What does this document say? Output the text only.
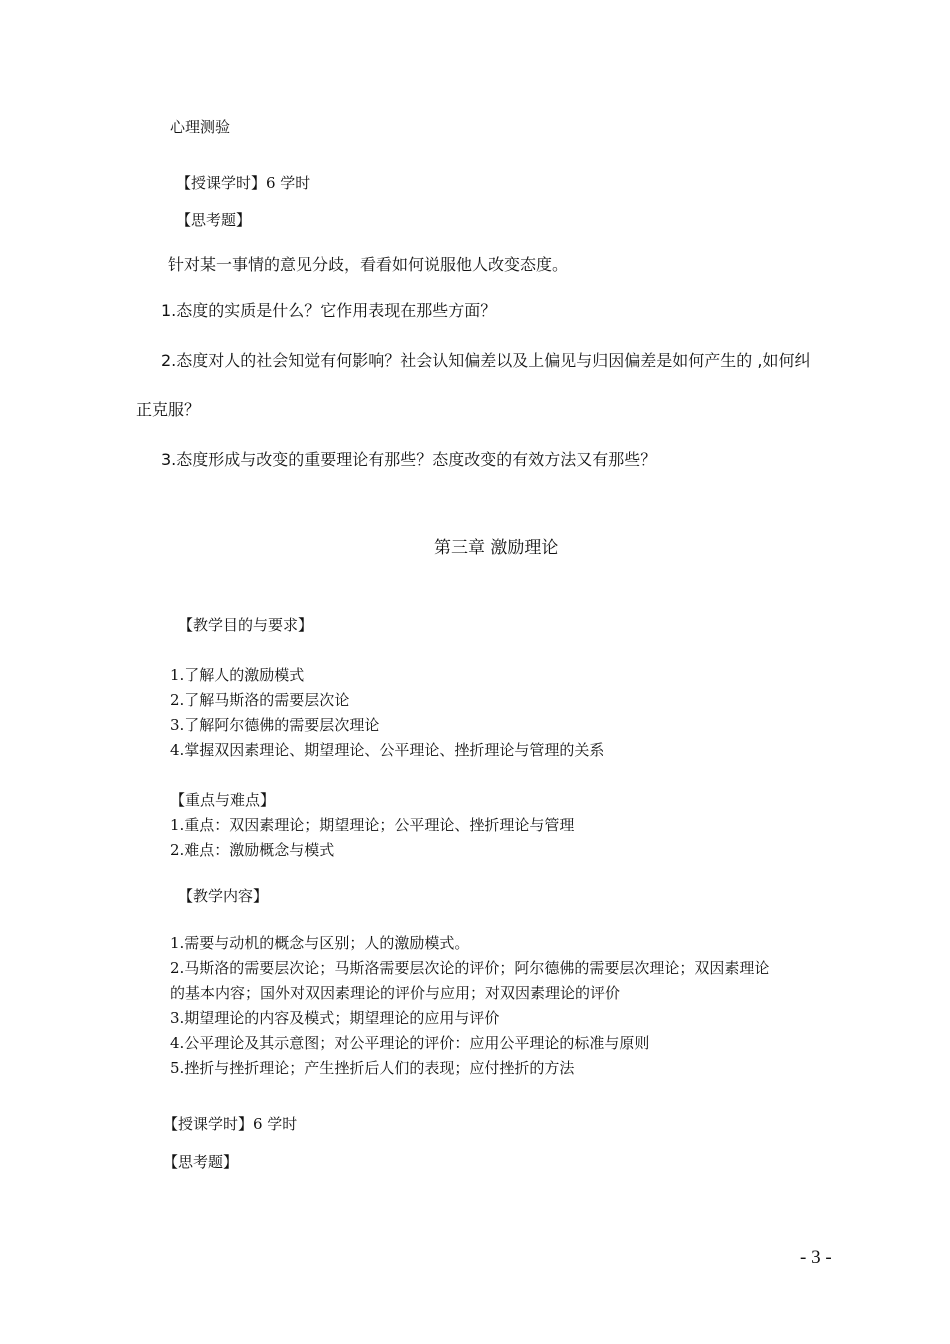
心理测验
【授课学时】6 学时
【思考题】
针对某一事情的意见分歧，看看如何说服他人改变态度。
1.态度的实质是什么？它作用表现在那些方面？
2.态度对人的社会知觉有何影响？社会认知偏差以及上偏见与归因偏差是如何产生的 ,如何纠
正克服？
3.态度形成与改变的重要理论有那些？态度改变的有效方法又有那些？
第三章 激励理论
【教学目的与要求】
1.了解人的激励模式
2.了解马斯洛的需要层次论
3.了解阿尔德佛的需要层次理论
4.掌握双因素理论、期望理论、公平理论、挫折理论与管理的关系
【重点与难点】
1.重点：双因素理论；期望理论；公平理论、挫折理论与管理
2.难点：激励概念与模式
【教学内容】
1.需要与动机的概念与区别；人的激励模式。
2.马斯洛的需要层次论；马斯洛需要层次论的评价；阿尔德佛的需要层次理论；双因素理论
的基本内容；国外对双因素理论的评价与应用；对双因素理论的评价
3.期望理论的内容及模式；期望理论的应用与评价
4.公平理论及其示意图；对公平理论的评价：应用公平理论的标准与原则
5.挫折与挫折理论；产生挫折后人们的表现；应付挫折的方法
【授课学时】6 学时
【思考题】
- 3 -
